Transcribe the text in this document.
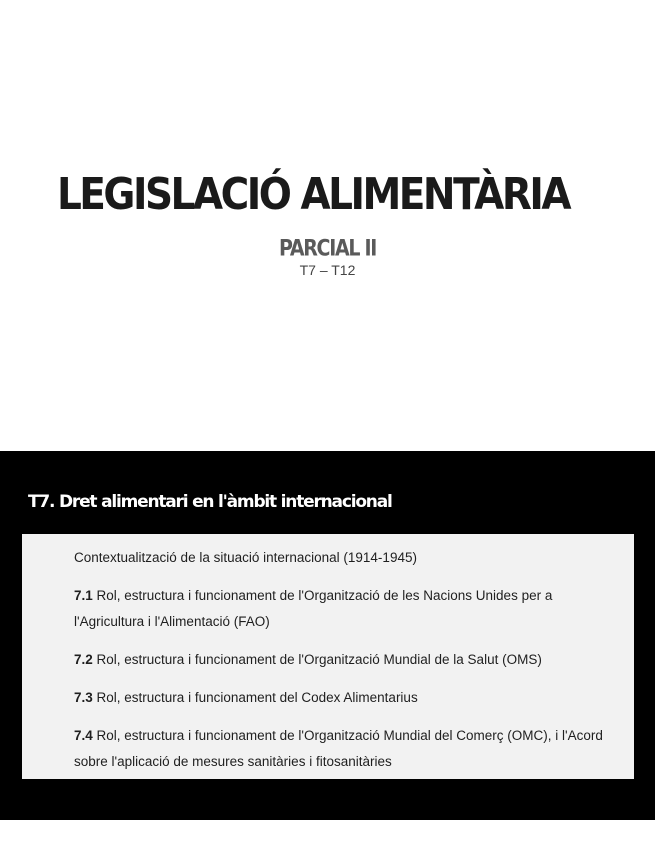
LEGISLACIÓ ALIMENTÀRIA
PARCIAL II
T7 – T12
T7. Dret alimentari en l'àmbit internacional
Contextualització de la situació internacional (1914-1945)
7.1 Rol, estructura i funcionament de l'Organització de les Nacions Unides per a l'Agricultura i l'Alimentació (FAO)
7.2 Rol, estructura i funcionament de l'Organització Mundial de la Salut (OMS)
7.3 Rol, estructura i funcionament del Codex Alimentarius
7.4 Rol, estructura i funcionament de l'Organització Mundial del Comerç (OMC), i l'Acord sobre l'aplicació de mesures sanitàries i fitosanitàries
